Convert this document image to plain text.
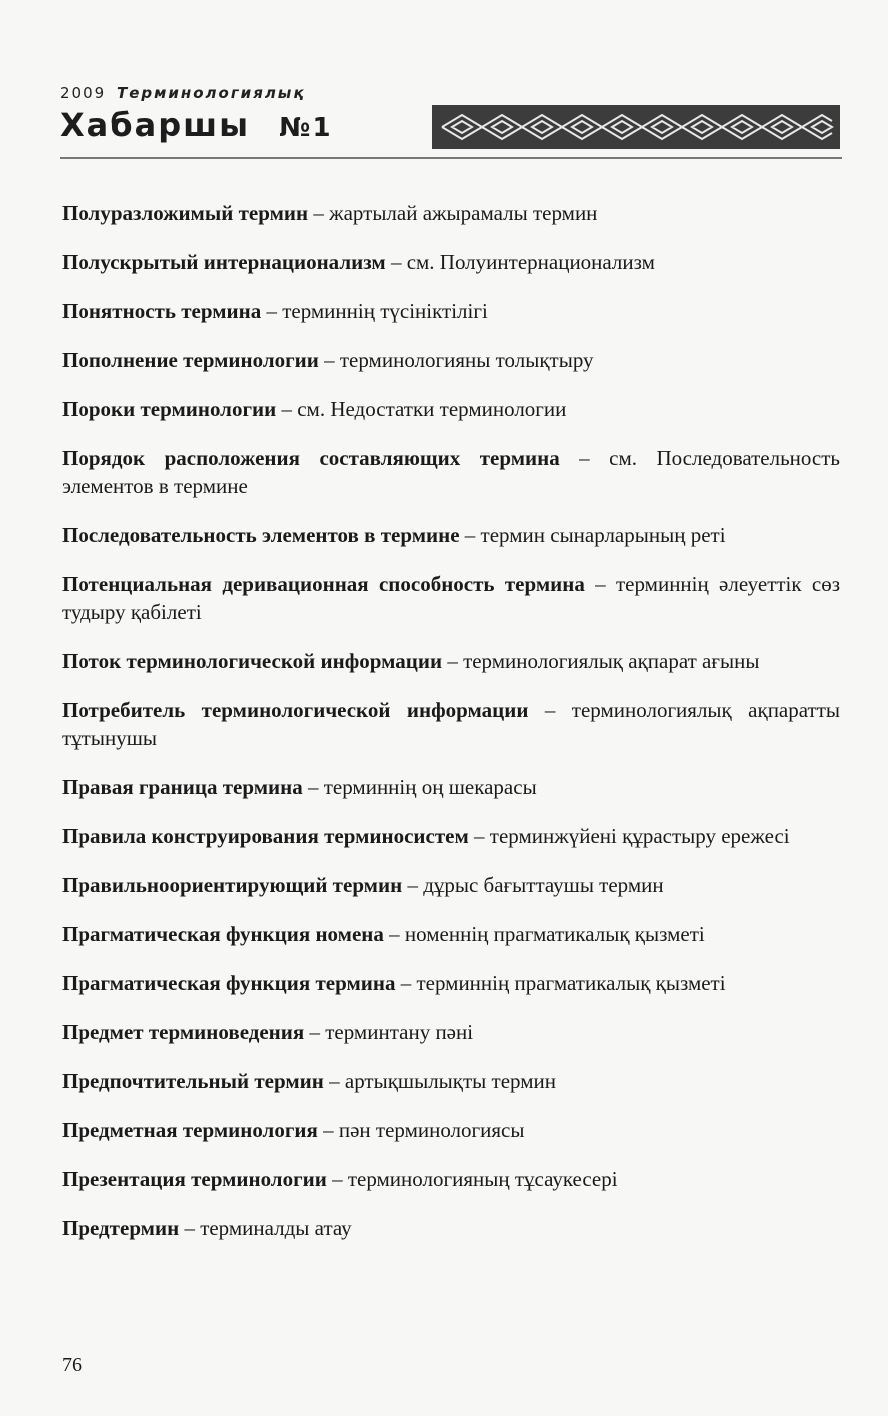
2009 Терминологиялық
Хабаршы №1

Полуразложимый термин – жартылай ажырамалы термин

Полускрытый интернационализм – см. Полуинтернационализм

Понятность термина – терминнің түсініктілігі

Пополнение терминологии – терминологияны толықтыру

Пороки терминологии – см. Недостатки терминологии

Порядок расположения составляющих термина – см. Последовательность элементов в термине

Последовательность элементов в термине – термин сынарларының реті

Потенциальная деривационная способность термина – терминнің әлеуеттік сөз тудыру қабілеті

Поток терминологической информации – терминологиялық ақпарат ағыны

Потребитель терминологической информации – терминологиялық ақпаратты тұтынушы

Правая граница термина – терминнің оң шекарасы

Правила конструирования терминосистем – терминжүйені құрастыру ережесі

Правильноориентирующий термин – дұрыс бағыттаушы термин

Прагматическая функция номена – номеннің прагматикалық қызметі

Прагматическая функция термина – терминнің прагматикалық қызметі

Предмет терминоведения – терминтану пәні

Предпочтительный термин – артықшылықты термин

Предметная терминология – пән терминологиясы

Презентация терминологии – терминологияның тұсаукесері

Предтермин – терминалды атау

76
